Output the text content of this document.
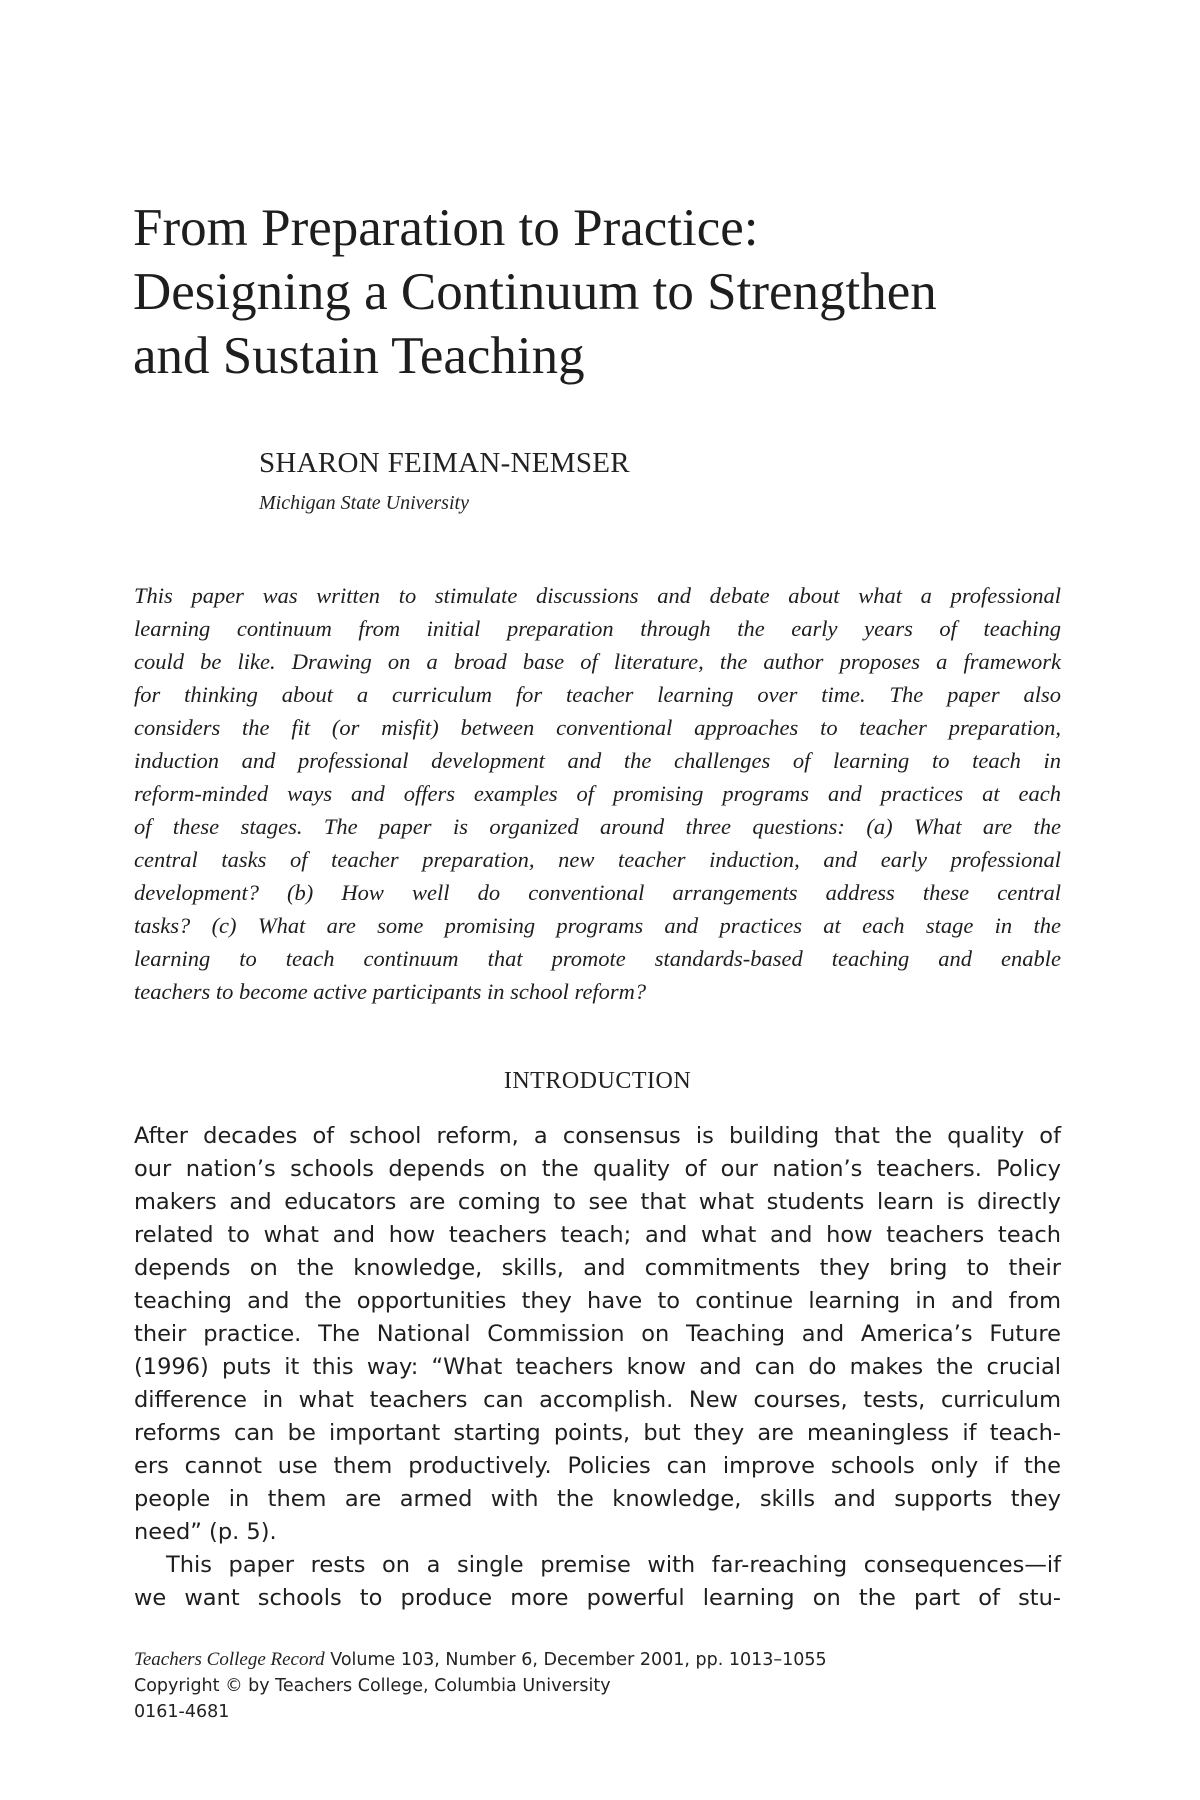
From Preparation to Practice:
Designing a Continuum to Strengthen
and Sustain Teaching
SHARON FEIMAN-NEMSER
Michigan State University
This paper was written to stimulate discussions and debate about what a professional
learning continuum from initial preparation through the early years of teaching
could be like. Drawing on a broad base of literature, the author proposes a framework
for thinking about a curriculum for teacher learning over time. The paper also
considers the fit (or misfit) between conventional approaches to teacher preparation,
induction and professional development and the challenges of learning to teach in
reform-minded ways and offers examples of promising programs and practices at each
of these stages. The paper is organized around three questions: (a) What are the
central tasks of teacher preparation, new teacher induction, and early professional
development? (b) How well do conventional arrangements address these central
tasks? (c) What are some promising programs and practices at each stage in the
learning to teach continuum that promote standards-based teaching and enable
teachers to become active participants in school reform?
INTRODUCTION
After decades of school reform, a consensus is building that the quality of
our nation’s schools depends on the quality of our nation’s teachers. Policy
makers and educators are coming to see that what students learn is directly
related to what and how teachers teach; and what and how teachers teach
depends on the knowledge, skills, and commitments they bring to their
teaching and the opportunities they have to continue learning in and from
their practice. The National Commission on Teaching and America’s Future
(1996) puts it this way: “What teachers know and can do makes the crucial
difference in what teachers can accomplish. New courses, tests, curriculum
reforms can be important starting points, but they are meaningless if teach-
ers cannot use them productively. Policies can improve schools only if the
people in them are armed with the knowledge, skills and supports they
need” (p. 5).
This paper rests on a single premise with far-reaching consequences—if
we want schools to produce more powerful learning on the part of stu-
Teachers College Record Volume 103, Number 6, December 2001, pp. 1013–1055
Copyright © by Teachers College, Columbia University
0161-4681
